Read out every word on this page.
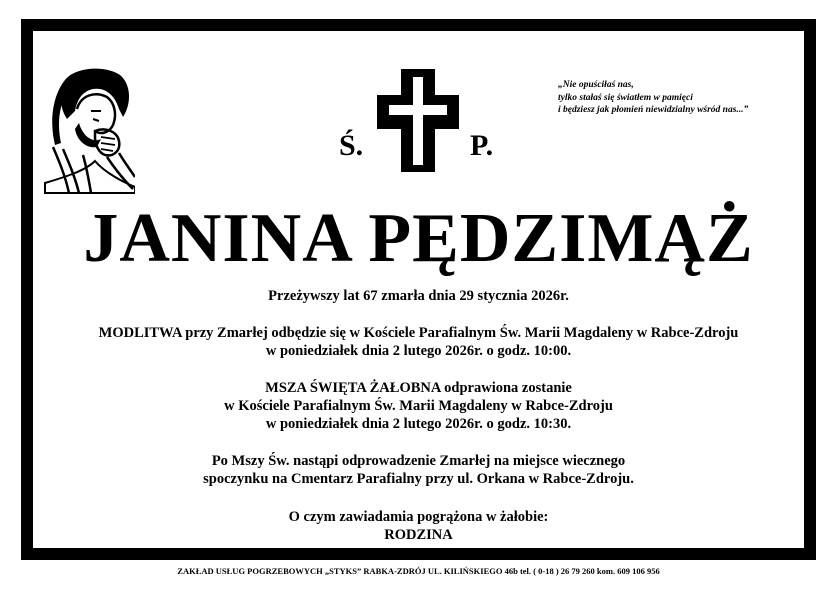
Ś.	P.
„Nie opuściłaś nas,
tylko stałaś się światłem w pamięci
i będziesz jak płomień niewidzialny wśród nas...”
JANINA PĘDZIMĄŻ
Przeżywszy lat 67 zmarła dnia 29 stycznia 2026r.
MODLITWA przy Zmarłej odbędzie się w Kościele Parafialnym Św. Marii Magdaleny w Rabce-Zdroju
w poniedziałek dnia 2 lutego 2026r. o godz. 10:00.
MSZA ŚWIĘTA ŻAŁOBNA odprawiona zostanie
w Kościele Parafialnym Św. Marii Magdaleny w Rabce-Zdroju
w poniedziałek dnia 2 lutego 2026r. o godz. 10:30.
Po Mszy Św. nastąpi odprowadzenie Zmarłej na miejsce wiecznego
spoczynku na Cmentarz Parafialny przy ul. Orkana w Rabce-Zdroju.
O czym zawiadamia pogrążona w żałobie:
RODZINA
ZAKŁAD USŁUG POGRZEBOWYCH „STYKS” RABKA-ZDRÓJ UL. KILIŃSKIEGO 46b tel. ( 0-18 ) 26 79 260 kom. 609 106 956
